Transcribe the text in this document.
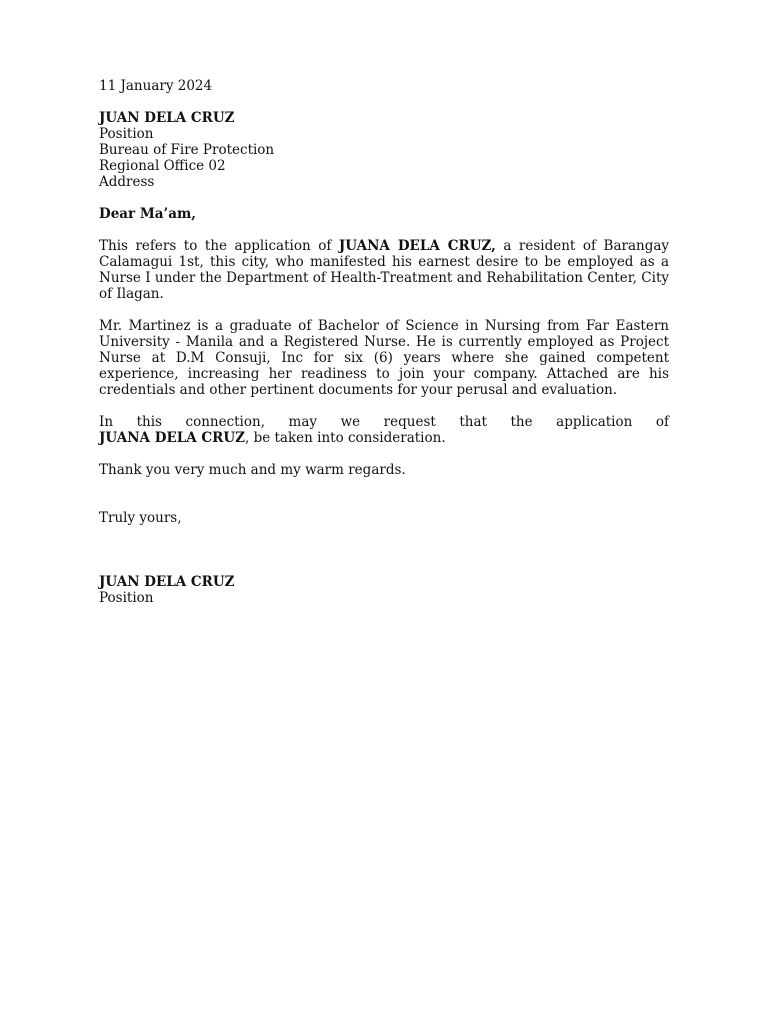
11 January 2024
JUAN DELA CRUZ
Position
Bureau of Fire Protection
Regional Office 02
Address
Dear Ma’am,

This refers to the application of JUANA DELA CRUZ, a resident of Barangay Calamagui 1st, this city, who manifested his earnest desire to be employed as a Nurse I under the Department of Health-Treatment and Rehabilitation Center, City of Ilagan.

Mr. Martinez is a graduate of Bachelor of Science in Nursing from Far Eastern University - Manila and a Registered Nurse. He is currently employed as Project Nurse at D.M Consuji, Inc for six (6) years where she gained competent experience, increasing her readiness to join your company. Attached are his credentials and other pertinent documents for your perusal and evaluation.

In this connection, may we request that the application of
JUANA DELA CRUZ, be taken into consideration.
Thank you very much and my warm regards.
Truly yours,
JUAN DELA CRUZ
Position
